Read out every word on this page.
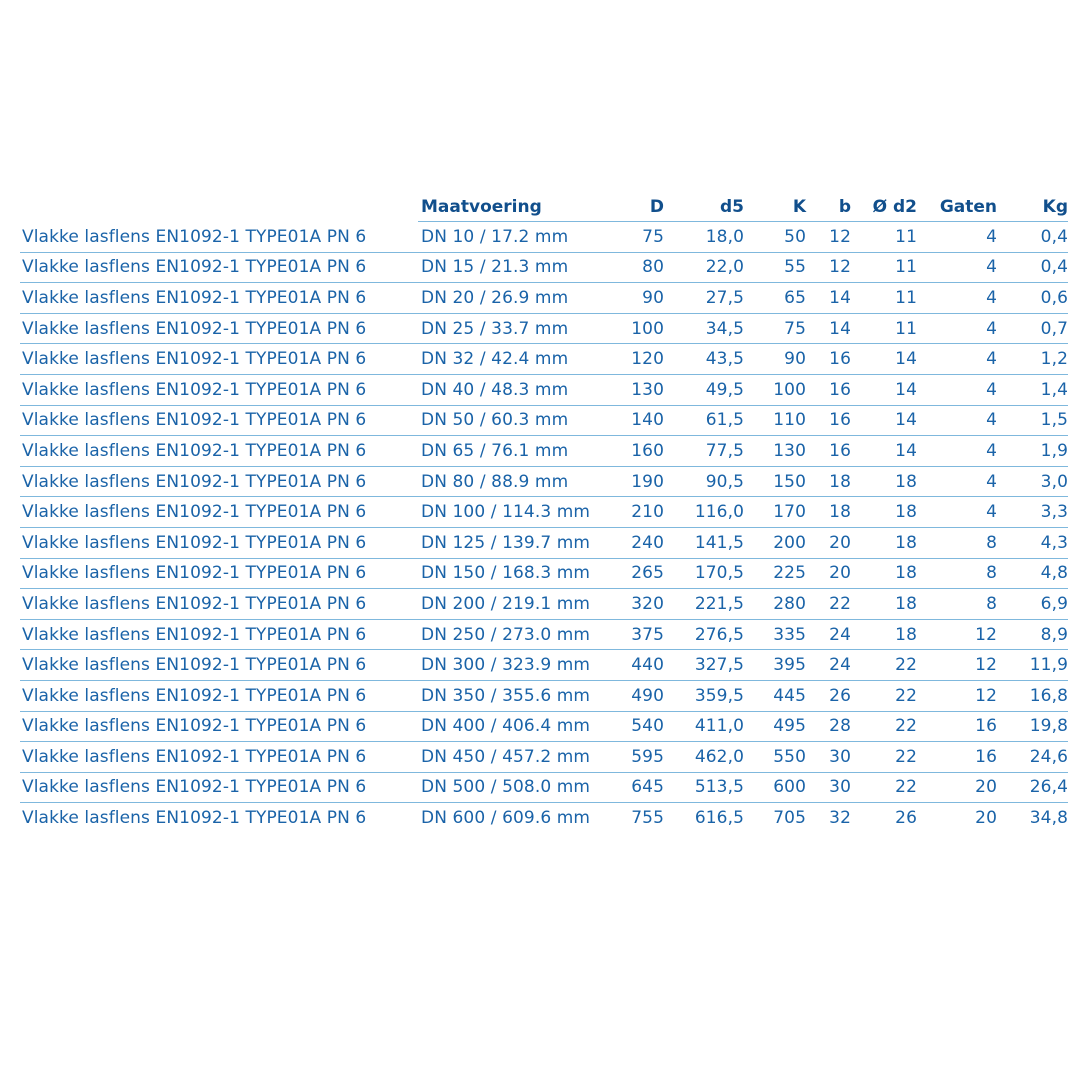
	Maatvoering	D	d5	K	b	Ø d2	Gaten	Kg
Vlakke lasflens EN1092-1 TYPE01A PN 6	DN 10 / 17.2 mm	75	18,0	50	12	11	4	0,4
Vlakke lasflens EN1092-1 TYPE01A PN 6	DN 15 / 21.3 mm	80	22,0	55	12	11	4	0,4
Vlakke lasflens EN1092-1 TYPE01A PN 6	DN 20 / 26.9 mm	90	27,5	65	14	11	4	0,6
Vlakke lasflens EN1092-1 TYPE01A PN 6	DN 25 / 33.7 mm	100	34,5	75	14	11	4	0,7
Vlakke lasflens EN1092-1 TYPE01A PN 6	DN 32 / 42.4 mm	120	43,5	90	16	14	4	1,2
Vlakke lasflens EN1092-1 TYPE01A PN 6	DN 40 / 48.3 mm	130	49,5	100	16	14	4	1,4
Vlakke lasflens EN1092-1 TYPE01A PN 6	DN 50 / 60.3 mm	140	61,5	110	16	14	4	1,5
Vlakke lasflens EN1092-1 TYPE01A PN 6	DN 65 / 76.1 mm	160	77,5	130	16	14	4	1,9
Vlakke lasflens EN1092-1 TYPE01A PN 6	DN 80 / 88.9 mm	190	90,5	150	18	18	4	3,0
Vlakke lasflens EN1092-1 TYPE01A PN 6	DN 100 / 114.3 mm	210	116,0	170	18	18	4	3,3
Vlakke lasflens EN1092-1 TYPE01A PN 6	DN 125 / 139.7 mm	240	141,5	200	20	18	8	4,3
Vlakke lasflens EN1092-1 TYPE01A PN 6	DN 150 / 168.3 mm	265	170,5	225	20	18	8	4,8
Vlakke lasflens EN1092-1 TYPE01A PN 6	DN 200 / 219.1 mm	320	221,5	280	22	18	8	6,9
Vlakke lasflens EN1092-1 TYPE01A PN 6	DN 250 / 273.0 mm	375	276,5	335	24	18	12	8,9
Vlakke lasflens EN1092-1 TYPE01A PN 6	DN 300 / 323.9 mm	440	327,5	395	24	22	12	11,9
Vlakke lasflens EN1092-1 TYPE01A PN 6	DN 350 / 355.6 mm	490	359,5	445	26	22	12	16,8
Vlakke lasflens EN1092-1 TYPE01A PN 6	DN 400 / 406.4 mm	540	411,0	495	28	22	16	19,8
Vlakke lasflens EN1092-1 TYPE01A PN 6	DN 450 / 457.2 mm	595	462,0	550	30	22	16	24,6
Vlakke lasflens EN1092-1 TYPE01A PN 6	DN 500 / 508.0 mm	645	513,5	600	30	22	20	26,4
Vlakke lasflens EN1092-1 TYPE01A PN 6	DN 600 / 609.6 mm	755	616,5	705	32	26	20	34,8
